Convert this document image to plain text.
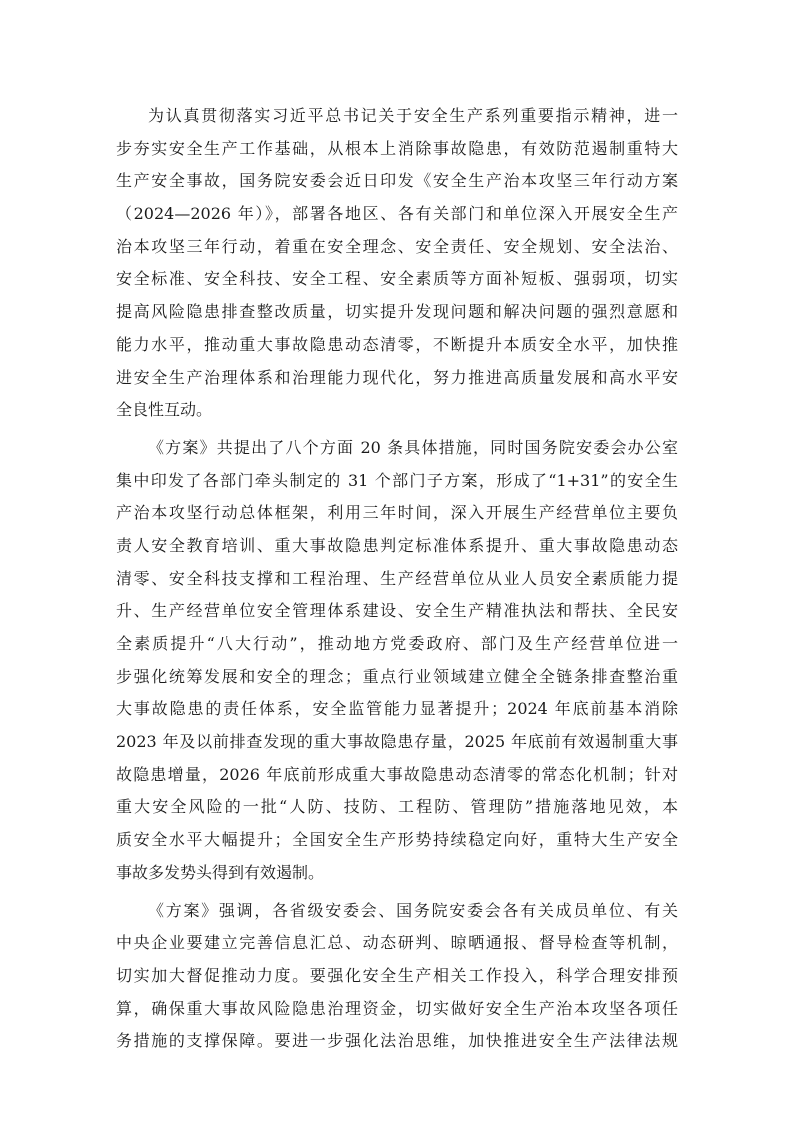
为认真贯彻落实习近平总书记关于安全生产系列重要指示精神，进一
步夯实安全生产工作基础，从根本上消除事故隐患，有效防范遏制重特大
生产安全事故，国务院安委会近日印发《安全生产治本攻坚三年行动方案
（2024—2026 年）》，部署各地区、各有关部门和单位深入开展安全生产
治本攻坚三年行动，着重在安全理念、安全责任、安全规划、安全法治、
安全标准、安全科技、安全工程、安全素质等方面补短板、强弱项，切实
提高风险隐患排查整改质量，切实提升发现问题和解决问题的强烈意愿和
能力水平，推动重大事故隐患动态清零，不断提升本质安全水平，加快推
进安全生产治理体系和治理能力现代化，努力推进高质量发展和高水平安
全良性互动。
《方案》共提出了八个方面 20 条具体措施，同时国务院安委会办公室
集中印发了各部门牵头制定的 31 个部门子方案，形成了“1+31”的安全生
产治本攻坚行动总体框架，利用三年时间，深入开展生产经营单位主要负
责人安全教育培训、重大事故隐患判定标准体系提升、重大事故隐患动态
清零、安全科技支撑和工程治理、生产经营单位从业人员安全素质能力提
升、生产经营单位安全管理体系建设、安全生产精准执法和帮扶、全民安
全素质提升“八大行动”，推动地方党委政府、部门及生产经营单位进一
步强化统筹发展和安全的理念；重点行业领域建立健全全链条排查整治重
大事故隐患的责任体系，安全监管能力显著提升；2024 年底前基本消除
2023 年及以前排查发现的重大事故隐患存量，2025 年底前有效遏制重大事
故隐患增量，2026 年底前形成重大事故隐患动态清零的常态化机制；针对
重大安全风险的一批“人防、技防、工程防、管理防”措施落地见效，本
质安全水平大幅提升；全国安全生产形势持续稳定向好，重特大生产安全
事故多发势头得到有效遏制。
《方案》强调，各省级安委会、国务院安委会各有关成员单位、有关
中央企业要建立完善信息汇总、动态研判、晾晒通报、督导检查等机制，
切实加大督促推动力度。要强化安全生产相关工作投入，科学合理安排预
算，确保重大事故风险隐患治理资金，切实做好安全生产治本攻坚各项任
务措施的支撑保障。要进一步强化法治思维，加快推进安全生产法律法规
